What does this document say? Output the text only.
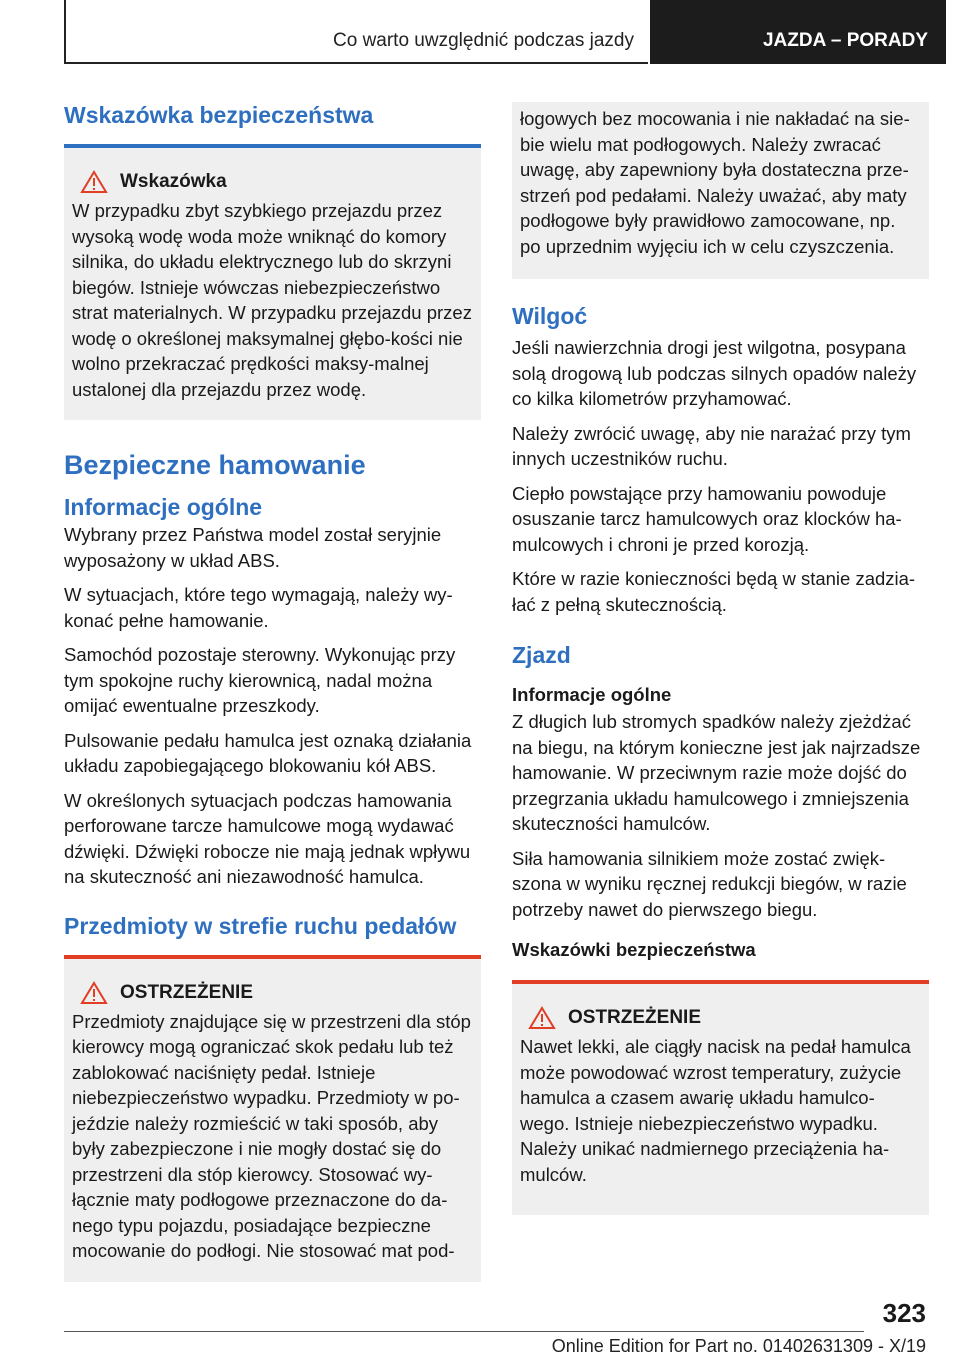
Co warto uwzględnić podczas jazdy	JAZDA – PORADY
Wskazówka bezpieczeństwa
Wskazówka

W przypadku zbyt szybkiego przejazdu przez wysoką wodę woda może wniknąć do komory silnika, do układu elektrycznego lub do skrzyni biegów. Istnieje wówczas niebezpieczeństwo strat materialnych. W przypadku przejazdu przez wodę o określonej maksymalnej głębo-kości nie wolno przekraczać prędkości maksy-malnej ustalonej dla przejazdu przez wodę.

Bezpieczne hamowanie
Informacje ogólne

Wybrany przez Państwa model został seryjnie wyposażony w układ ABS.

W sytuacjach, które tego wymagają, należy wy-konać pełne hamowanie.

Samochód pozostaje sterowny. Wykonując przy tym spokojne ruchy kierownicą, nadal można omijać ewentualne przeszkody.

Pulsowanie pedału hamulca jest oznaką działania układu zapobiegającego blokowaniu kół ABS.

W określonych sytuacjach podczas hamowania perforowane tarcze hamulcowe mogą wydawać dźwięki. Dźwięki robocze nie mają jednak wpływu na skuteczność ani niezawodność hamulca.

Przedmioty w strefie ruchu pedałów
OSTRZEŻENIE

Przedmioty znajdujące się w przestrzeni dla stóp kierowcy mogą ograniczać skok pedału lub też zablokować naciśnięty pedał. Istnieje niebezpieczeństwo wypadku. Przedmioty w po-jeździe należy rozmieścić w taki sposób, aby były zabezpieczone i nie mogły dostać się do przestrzeni dla stóp kierowcy. Stosować wy-łącznie maty podłogowe przeznaczone do da-nego typu pojazdu, posiadające bezpieczne mocowanie do podłogi. Nie stosować mat pod-

łogowych bez mocowania i nie nakładać na sie-bie wielu mat podłogowych. Należy zwracać uwagę, aby zapewniony była dostateczna prze-strzeń pod pedałami. Należy uważać, aby maty podłogowe były prawidłowo zamocowane, np. po uprzednim wyjęciu ich w celu czyszczenia.

Wilgoć

Jeśli nawierzchnia drogi jest wilgotna, posypana solą drogową lub podczas silnych opadów należy co kilka kilometrów przyhamować.

Należy zwrócić uwagę, aby nie narażać przy tym innych uczestników ruchu.

Ciepło powstające przy hamowaniu powoduje osuszanie tarcz hamulcowych oraz klocków ha-mulcowych i chroni je przed korozją.

Które w razie konieczności będą w stanie zadzia-łać z pełną skutecznością.

Zjazd
Informacje ogólne

Z długich lub stromych spadków należy zjeżdżać na biegu, na którym konieczne jest jak najrzadsze hamowanie. W przeciwnym razie może dojść do przegrzania układu hamulcowego i zmniejszenia skuteczności hamulców.

Siła hamowania silnikiem może zostać zwięk-szona w wyniku ręcznej redukcji biegów, w razie potrzeby nawet do pierwszego biegu.

Wskazówki bezpieczeństwa
OSTRZEŻENIE

Nawet lekki, ale ciągły nacisk na pedał hamulca może powodować wzrost temperatury, zużycie hamulca a czasem awarię układu hamulco-wego. Istnieje niebezpieczeństwo wypadku. Należy unikać nadmiernego przeciążenia ha-mulców.

323
Online Edition for Part no. 01402631309 - X/19
